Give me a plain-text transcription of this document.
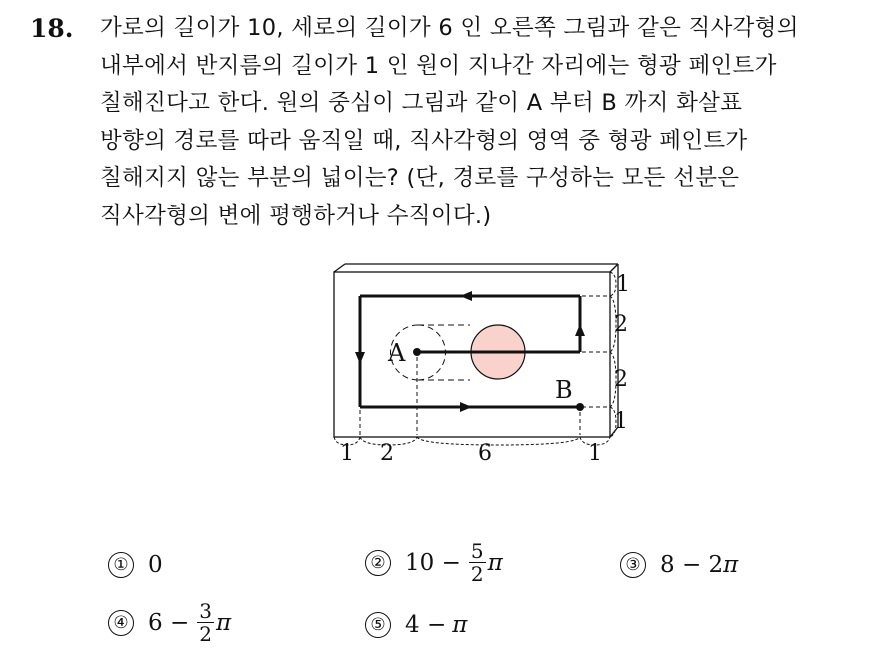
18. 가로의 길이가 10, 세로의 길이가 6 인 오른쪽 그림과 같은 직사각형의
내부에서 반지름의 길이가 1 인 원이 지나간 자리에는 형광 페인트가
칠해진다고 한다. 원의 중심이 그림과 같이 A 부터 B 까지 화살표
방향의 경로를 따라 움직일 때, 직사각형의 영역 중 형광 페인트가
칠해지지 않는 부분의 넓이는? (단, 경로를 구성하는 모든 선분은
직사각형의 변에 평행하거나 수직이다.)
A
B
1
2
2
1
1 2	6	1
① 0	② $10 - \frac{5}{2}$ π	③ 8 − 2 π
④ $6 - \frac{3}{2}$ π	⑤ 4 − π
